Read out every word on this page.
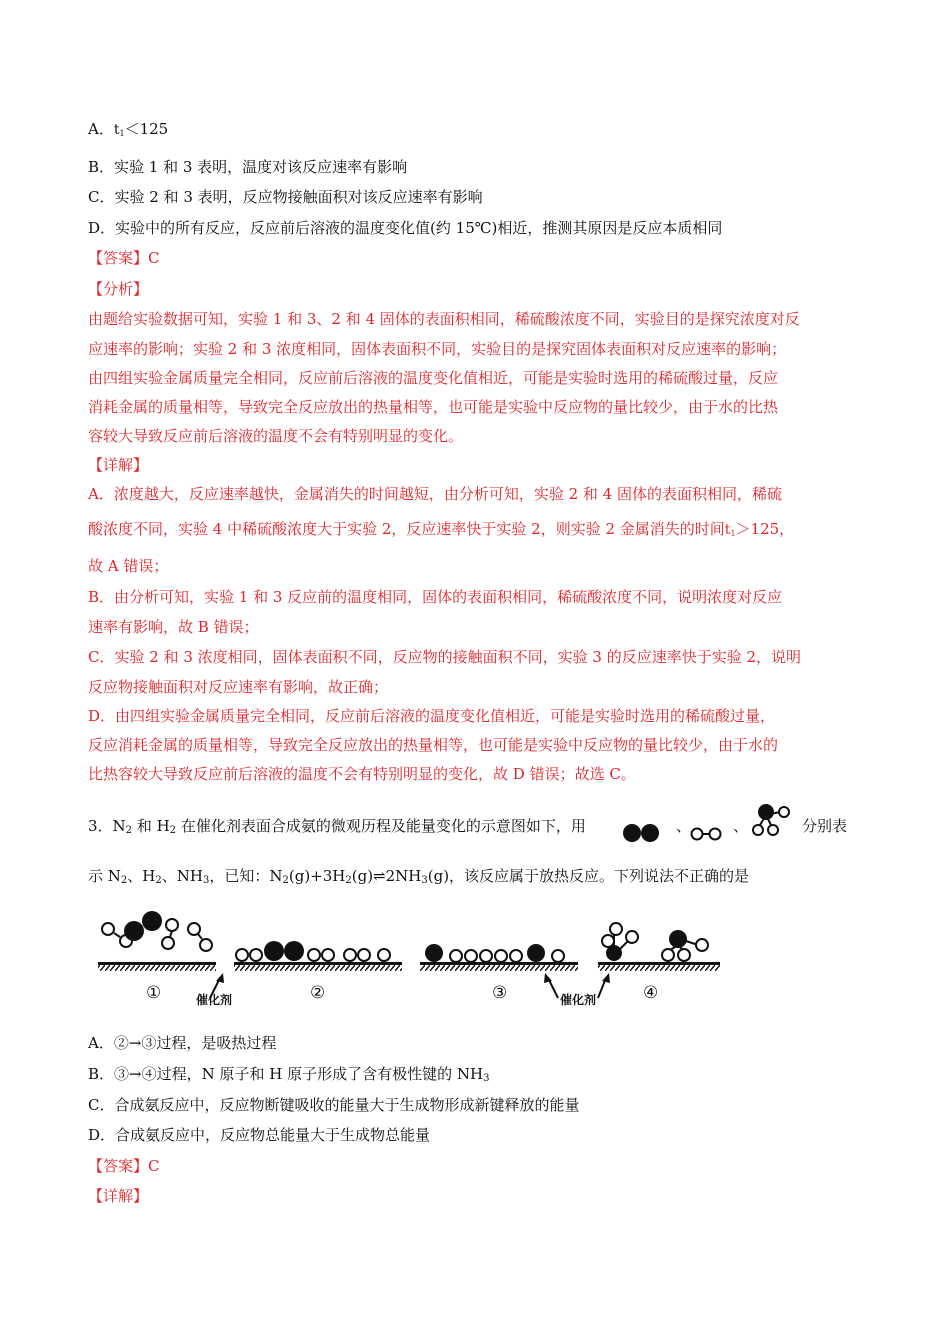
A．$t_1<125$
B．实验 1 和 3 表明，温度对该反应速率有影响
C．实验 2 和 3 表明，反应物接触面积对该反应速率有影响
D．实验中的所有反应，反应前后溶液的温度变化值(约 15℃)相近，推测其原因是反应本质相同
【答案】C
【分析】
由题给实验数据可知，实验 1 和 3、2 和 4 固体的表面积相同，稀硫酸浓度不同，实验目的是探究浓度对反
应速率的影响；实验 2 和 3 浓度相同，固体表面积不同，实验目的是探究固体表面积对反应速率的影响；
由四组实验金属质量完全相同，反应前后溶液的温度变化值相近，可能是实验时选用的稀硫酸过量，反应
消耗金属的质量相等，导致完全反应放出的热量相等，也可能是实验中反应物的量比较少，由于水的比热
容较大导致反应前后溶液的温度不会有特别明显的变化。
【详解】
A．浓度越大，反应速率越快，金属消失的时间越短，由分析可知，实验 2 和 4 固体的表面积相同，稀硫
酸浓度不同，实验 4 中稀硫酸浓度大于实验 2，反应速率快于实验 2，则实验 2 金属消失的时间$t_1>125$，
故 A 错误；
B．由分析可知，实验 1 和 3 反应前的温度相同，固体的表面积相同，稀硫酸浓度不同，说明浓度对反应
速率有影响，故 B 错误；
C．实验 2 和 3 浓度相同，固体表面积不同，反应物的接触面积不同，实验 3 的反应速率快于实验 2，说明
反应物接触面积对反应速率有影响，故正确；
D．由四组实验金属质量完全相同，反应前后溶液的温度变化值相近，可能是实验时选用的稀硫酸过量，
反应消耗金属的质量相等，导致完全反应放出的热量相等，也可能是实验中反应物的量比较少，由于水的
比热容较大导致反应前后溶液的温度不会有特别明显的变化，故 D 错误；故选 C。
3．$N_2$ 和 $H_2$ 在催化剂表面合成氨的微观历程及能量变化的示意图如下，用	、	、	分别表
示 $N_2$、$H_2$、$NH_3$，已知：$N_2(g)+3H_2(g)\rightleftharpoons 2NH_3(g)$，该反应属于放热反应。下列说法不正确的是
①	②	③	④
催化剂	催化剂
A．②→③过程，是吸热过程
B．③→④过程，N 原子和 H 原子形成了含有极性键的 $NH_3$
C．合成氨反应中，反应物断键吸收的能量大于生成物形成新键释放的能量
D．合成氨反应中，反应物总能量大于生成物总能量
【答案】C
【详解】
